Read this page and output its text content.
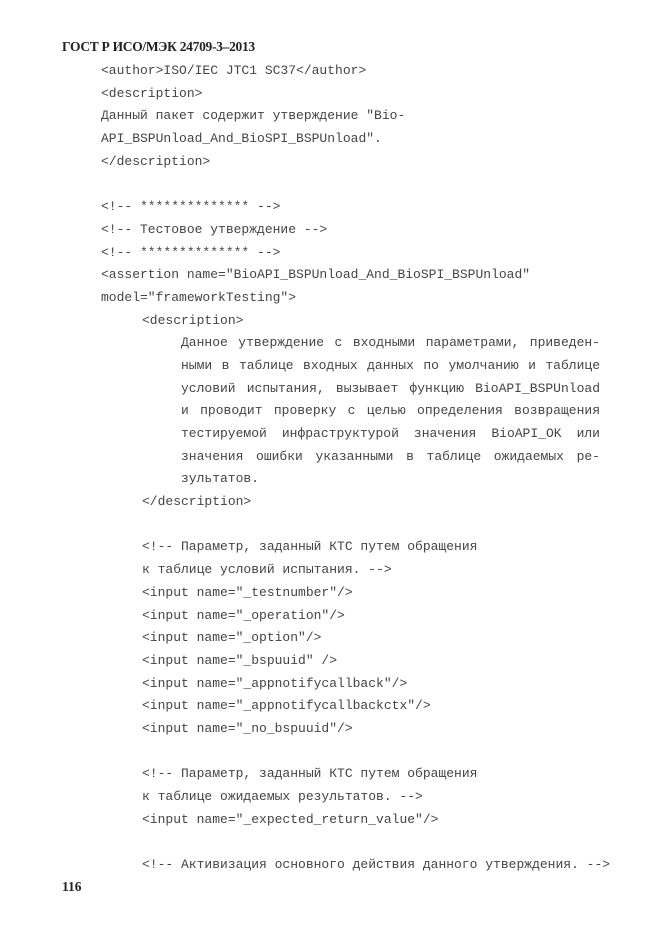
ГОСТ Р ИСО/МЭК 24709-3–2013
<author>ISO/IEC JTC1 SC37</author>
<description>
Данный пакет содержит утверждение "Bio-
API_BSPUnload_And_BioSPI_BSPUnload".
</description>
<!-- ************** -->
<!-- Тестовое утверждение -->
<!-- ************** -->
<assertion name="BioAPI_BSPUnload_And_BioSPI_BSPUnload"
model="frameworkTesting">
<description>
Данное утверждение с входными параметрами, приведен-
ными в таблице входных данных по умолчанию и таблице
условий испытания, вызывает функцию BioAPI_BSPUnload
и проводит проверку с целью определения возвращения
тестируемой инфраструктурой значения BioAPI_OK или
значения ошибки указанными в таблице ожидаемых ре-
зультатов.
</description>
<!-- Параметр, заданный КТС путем обращения
к таблице условий испытания. -->
<input name="_testnumber"/>
<input name="_operation"/>
<input name="_option"/>
<input name="_bspuuid" />
<input name="_appnotifycallback"/>
<input name="_appnotifycallbackctx"/>
<input name="_no_bspuuid"/>
<!-- Параметр, заданный КТС путем обращения
к таблице ожидаемых результатов. -->
<input name="_expected_return_value"/>
<!-- Активизация основного действия данного утверждения. -->
116
